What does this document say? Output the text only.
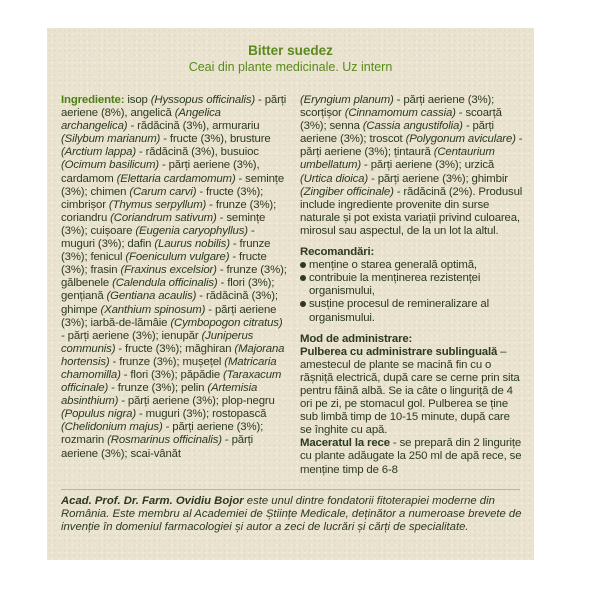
Bitter suedez
Ceai din plante medicinale. Uz intern
Ingrediente: isop (Hyssopus officinalis) - părți aeriene (8%), angelică (Angelica archangelica) - rădăcină (3%), armurariu (Silybum marianum) - fructe (3%), brusture (Arctium lappa) - rădăcină (3%), busuioc (Ocimum basilicum) - părți aeriene (3%), cardamom (Elettaria cardamomum) - semințe (3%); chimen (Carum carvi) - fructe (3%); cimbrișor (Thymus serpyllum) - frunze (3%); coriandru (Coriandrum sativum) - semințe (3%); cuișoare (Eugenia caryophyllus) - muguri (3%); dafin (Laurus nobilis) - frunze (3%); fenicul (Foeniculum vulgare) - fructe (3%); frasin (Fraxinus excelsior) - frunze (3%); gălbenele (Calendula officinalis) - flori (3%); gențiană (Gentiana acaulis) - rădăcină (3%); ghimpe (Xanthium spinosum) - părți aeriene (3%); iarbă-de-lămâie (Cymbopogon citratus) - părți aeriene (3%); ienupăr (Juniperus communis) - fructe (3%); măghiran (Majorana hortensis) - frunze (3%); mușețel (Matricaria chamomilla) - flori (3%); păpădie (Taraxacum officinale) - frunze (3%); pelin (Artemisia absinthium) - părți aeriene (3%); plop-negru (Populus nigra) - muguri (3%); rostopască (Chelidonium majus) - părți aeriene (3%); rozmarin (Rosmarinus officinalis) - părți aeriene (3%); scai-vânăt
(Eryngium planum) - părți aeriene (3%); scorțișor (Cinnamomum cassia) - scoarță (3%); senna (Cassia angustifolia) - părți aeriene (3%); troscot (Polygonum aviculare) - părți aeriene (3%); țintaură (Centaurium umbellatum) - părți aeriene (3%); urzică (Urtica dioica) - părți aeriene (3%); ghimbir (Zingiber officinale) - rădăcină (2%). Produsul include ingrediente provenite din surse naturale și pot exista variații privind culoarea, mirosul sau aspectul, de la un lot la altul.
Recomandări:
menține o starea generală optimă,
contribuie la menținerea rezistenței organismului,
susține procesul de remineralizare al organismului.
Mod de administrare:
Pulberea cu administrare sublinguală – amestecul de plante se macină fin cu o rășniță electrică, după care se cerne prin sita pentru făină albă. Se ia câte o linguriță de 4 ori pe zi, pe stomacul gol. Pulberea se ține sub limbă timp de 10-15 minute, după care se înghite cu apă.
Maceratul la rece - se prepară din 2 lingurițe cu plante adăugate la 250 ml de apă rece, se menține timp de 6-8
Acad. Prof. Dr. Farm. Ovidiu Bojor este unul dintre fondatorii fitoterapiei moderne din România. Este membru al Academiei de Științe Medicale, deținător a numeroase brevete de invenție în domeniul farmacologiei și autor a zeci de lucrări și cărți de specialitate.
